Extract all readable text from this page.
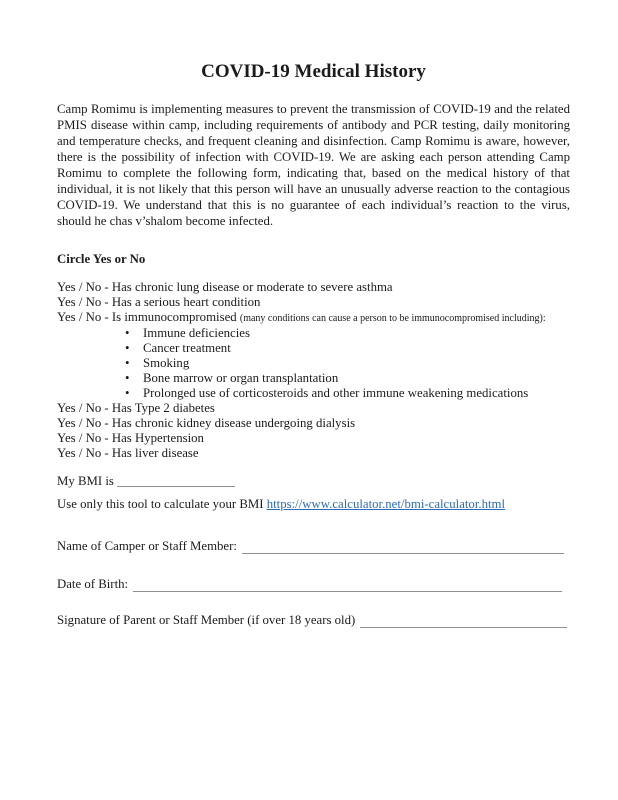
COVID-19 Medical History

Camp Romimu is implementing measures to prevent the transmission of COVID-19 and the related PMIS disease within camp, including requirements of antibody and PCR testing, daily monitoring and temperature checks, and frequent cleaning and disinfection. Camp Romimu is aware, however, there is the possibility of infection with COVID-19. We are asking each person attending Camp Romimu to complete the following form, indicating that, based on the medical history of that individual, it is not likely that this person will have an unusually adverse reaction to the contagious COVID-19. We understand that this is no guarantee of each individual’s reaction to the virus, should he chas v’shalom become infected.

Circle Yes or No
Yes / No - Has chronic lung disease or moderate to severe asthma
Yes / No - Has a serious heart condition
Yes / No - Is immunocompromised (many conditions can cause a person to be immunocompromised including):
• Immune deficiencies
• Cancer treatment
• Smoking
• Bone marrow or organ transplantation
• Prolonged use of corticosteroids and other immune weakening medications
Yes / No - Has Type 2 diabetes
Yes / No - Has chronic kidney disease undergoing dialysis
Yes / No - Has Hypertension
Yes / No - Has liver disease
My BMI is
Use only this tool to calculate your BMI https://www.calculator.net/bmi-calculator.html
Name of Camper or Staff Member:
Date of Birth:
Signature of Parent or Staff Member (if over 18 years old)
